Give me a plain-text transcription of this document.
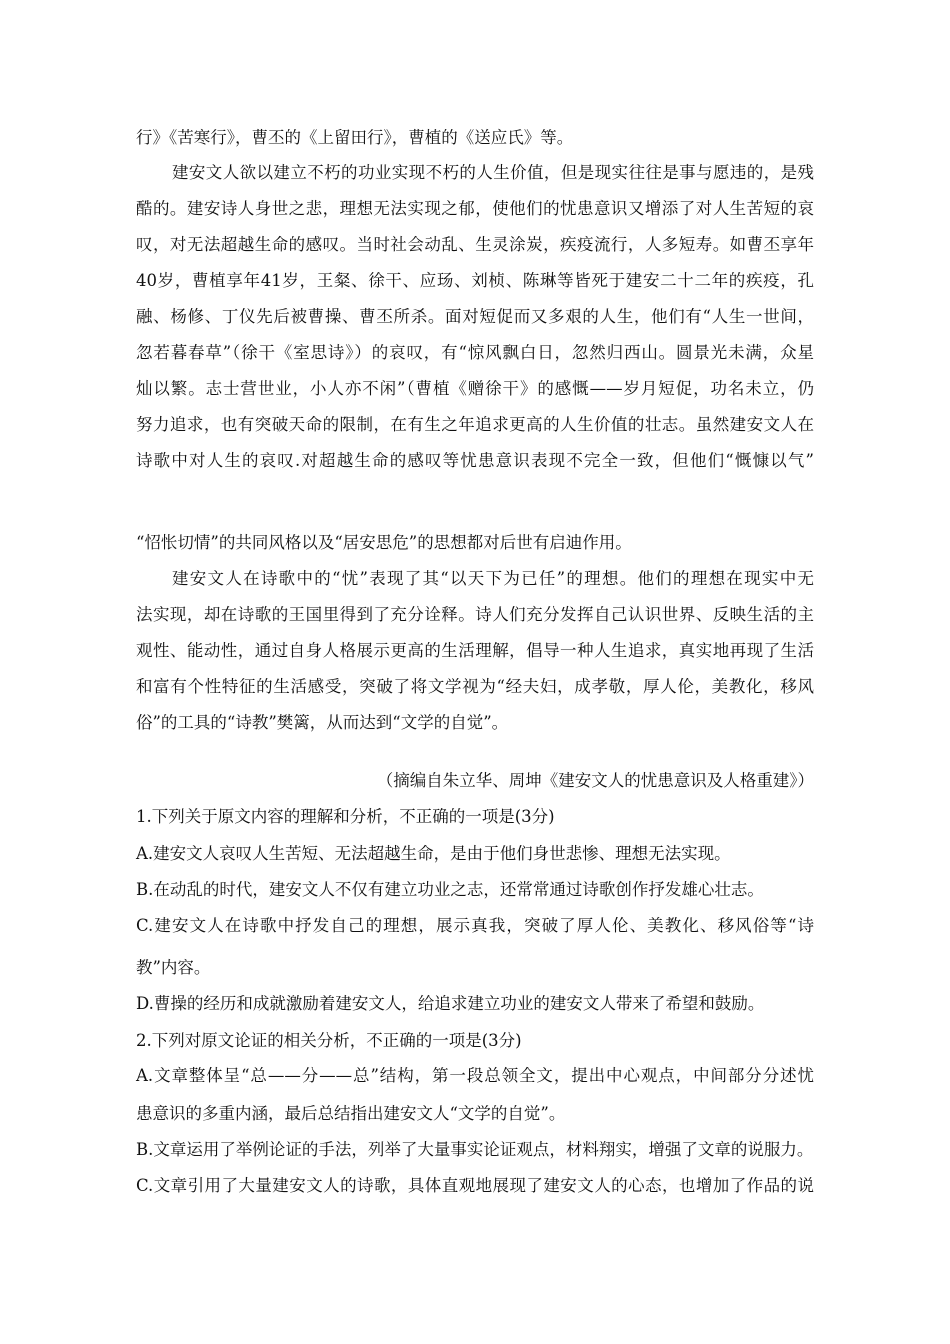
行》《苦寒行》，曹丕的《上留田行》，曹植的《送应氏》等。
建安文人欲以建立不朽的功业实现不朽的人生价值，但是现实往往是事与愿违的，是残
酷的。建安诗人身世之悲，理想无法实现之郁，使他们的忧患意识又增添了对人生苦短的哀
叹，对无法超越生命的感叹。当时社会动乱、生灵涂炭，疾疫流行，人多短寿。如曹丕享年
40岁，曹植享年41岁，王粲、徐干、应玚、刘桢、陈琳等皆死于建安二十二年的疾疫，孔
融、杨修、丁仪先后被曹操、曹丕所杀。面对短促而又多艰的人生，他们有“人生一世间，
忽若暮春草”（徐干《室思诗》）的哀叹，有“惊风飘白日，忽然归西山。圆景光未满，众星
灿以繁。志士营世业，小人亦不闲”（曹植《赠徐干》的感慨——岁月短促，功名未立，仍
努力追求，也有突破天命的限制，在有生之年追求更高的人生价值的壮志。虽然建安文人在
诗歌中对人生的哀叹.对超越生命的感叹等忧患意识表现不完全一致，但他们“慨慷以气”
“怊怅切情”的共同风格以及“居安思危”的思想都对后世有启迪作用。
建安文人在诗歌中的“忧”表现了其“以天下为已任”的理想。他们的理想在现实中无
法实现，却在诗歌的王国里得到了充分诠释。诗人们充分发挥自己认识世界、反映生活的主
观性、能动性，通过自身人格展示更高的生活理解，倡导一种人生追求，真实地再现了生活
和富有个性特征的生活感受，突破了将文学视为“经夫妇，成孝敬，厚人伦，美教化，移风
俗”的工具的“诗教”樊篱，从而达到“文学的自觉”。
（摘编自朱立华、周坤《建安文人的忧患意识及人格重建》）
1.下列关于原文内容的理解和分析，不正确的一项是(3分)
A.建安文人哀叹人生苦短、无法超越生命，是由于他们身世悲惨、理想无法实现。
B.在动乱的时代，建安文人不仅有建立功业之志，还常常通过诗歌创作抒发雄心壮志。
C.建安文人在诗歌中抒发自己的理想，展示真我，突破了厚人伦、美教化、移风俗等“诗
教”内容。
D.曹操的经历和成就激励着建安文人，给追求建立功业的建安文人带来了希望和鼓励。
2.下列对原文论证的相关分析，不正确的一项是(3分)
A.文章整体呈“总——分——总”结构，第一段总领全文，提出中心观点，中间部分分述忧
患意识的多重内涵，最后总结指出建安文人“文学的自觉”。
B.文章运用了举例论证的手法，列举了大量事实论证观点，材料翔实，增强了文章的说服力。
C.文章引用了大量建安文人的诗歌，具体直观地展现了建安文人的心态，也增加了作品的说
